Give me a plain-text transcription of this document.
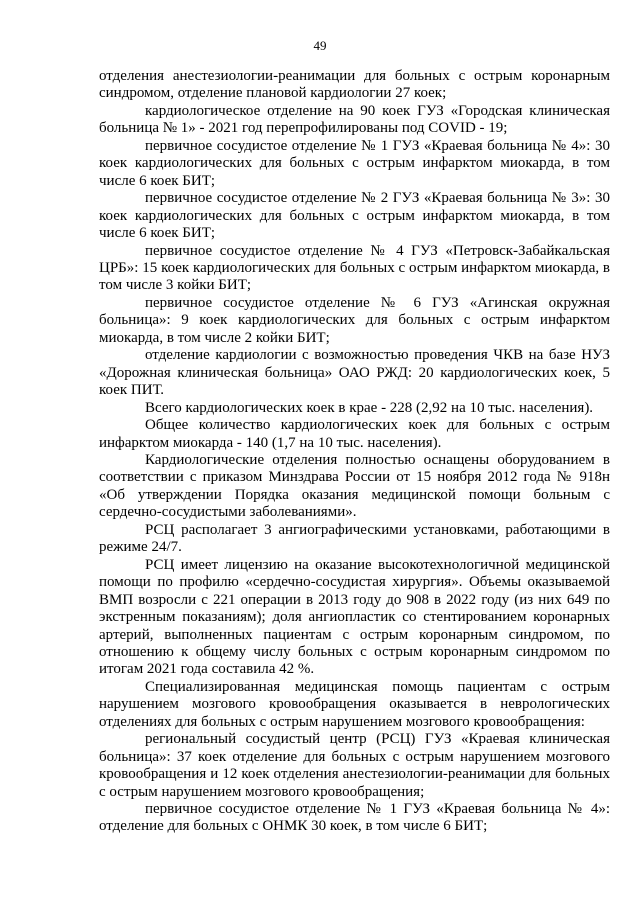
49

отделения анестезиологии-реанимации для больных с острым коронарным синдромом, отделение плановой кардиологии 27 коек;

кардиологическое отделение на 90 коек ГУЗ «Городская клиническая больница № 1» - 2021 год перепрофилированы под COVID - 19;

первичное сосудистое отделение № 1 ГУЗ «Краевая больница № 4»: 30 коек кардиологических для больных с острым инфарктом миокарда, в том числе 6 коек БИТ;

первичное сосудистое отделение № 2 ГУЗ «Краевая больница № 3»: 30 коек кардиологических для больных с острым инфарктом миокарда, в том числе 6 коек БИТ;

первичное сосудистое отделение № 4 ГУЗ «Петровск-Забайкальская ЦРБ»: 15 коек кардиологических для больных с острым инфарктом миокарда, в том числе 3 койки БИТ;

первичное сосудистое отделение № 6 ГУЗ «Агинская окружная больница»: 9 коек кардиологических для больных с острым инфарктом миокарда, в том числе 2 койки БИТ;

отделение кардиологии с возможностью проведения ЧКВ на базе НУЗ «Дорожная клиническая больница» ОАО РЖД: 20 кардиологических коек, 5 коек ПИТ.

Всего кардиологических коек в крае - 228 (2,92 на 10 тыс. населения).

Общее количество кардиологических коек для больных с острым инфарктом миокарда - 140 (1,7 на 10 тыс. населения).

Кардиологические отделения полностью оснащены оборудованием в соответствии с приказом Минздрава России от 15 ноября 2012 года № 918н «Об утверждении Порядка оказания медицинской помощи больным с сердечно-сосудистыми заболеваниями».

РСЦ располагает 3 ангиографическими установками, работающими в режиме 24/7.

РСЦ имеет лицензию на оказание высокотехнологичной медицинской помощи по профилю «сердечно-сосудистая хирургия». Объемы оказываемой ВМП возросли с 221 операции в 2013 году до 908 в 2022 году (из них 649 по экстренным показаниям); доля ангиопластик со стентированием коронарных артерий, выполненных пациентам с острым коронарным синдромом, по отношению к общему числу больных с острым коронарным синдромом по итогам 2021 года составила 42 %.

Специализированная медицинская помощь пациентам с острым нарушением мозгового кровообращения оказывается в неврологических отделениях для больных с острым нарушением мозгового кровообращения:

региональный сосудистый центр (РСЦ) ГУЗ «Краевая клиническая больница»: 37 коек отделение для больных с острым нарушением мозгового кровообращения и 12 коек отделения анестезиологии-реанимации для больных с острым нарушением мозгового кровообращения;

первичное сосудистое отделение № 1 ГУЗ «Краевая больница № 4»: отделение для больных с ОНМК 30 коек, в том числе 6 БИТ;
